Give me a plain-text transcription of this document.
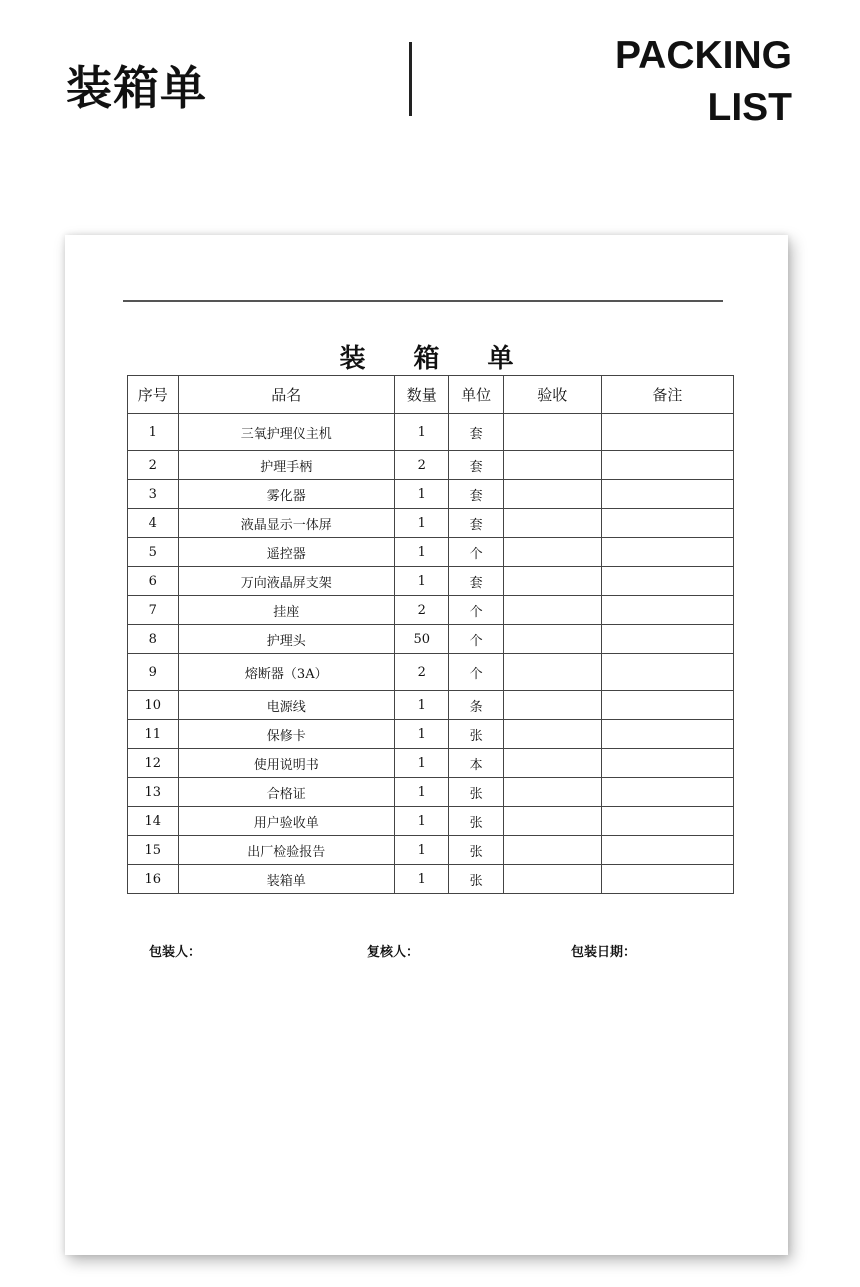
装箱单
PACKING
LIST
装箱单
序号	品名	数量	单位	验收	备注
1	三氧护理仪主机	1	套		
2	护理手柄	2	套		
3	雾化器	1	套		
4	液晶显示一体屏	1	套		
5	遥控器	1	个		
6	万向液晶屏支架	1	套		
7	挂座	2	个		
8	护理头	50	个		
9	熔断器（3A）	2	个		
10	电源线	1	条		
11	保修卡	1	张		
12	使用说明书	1	本		
13	合格证	1	张		
14	用户验收单	1	张		
15	出厂检验报告	1	张		
16	装箱单	1	张		
包装人：	复核人：	包装日期：
